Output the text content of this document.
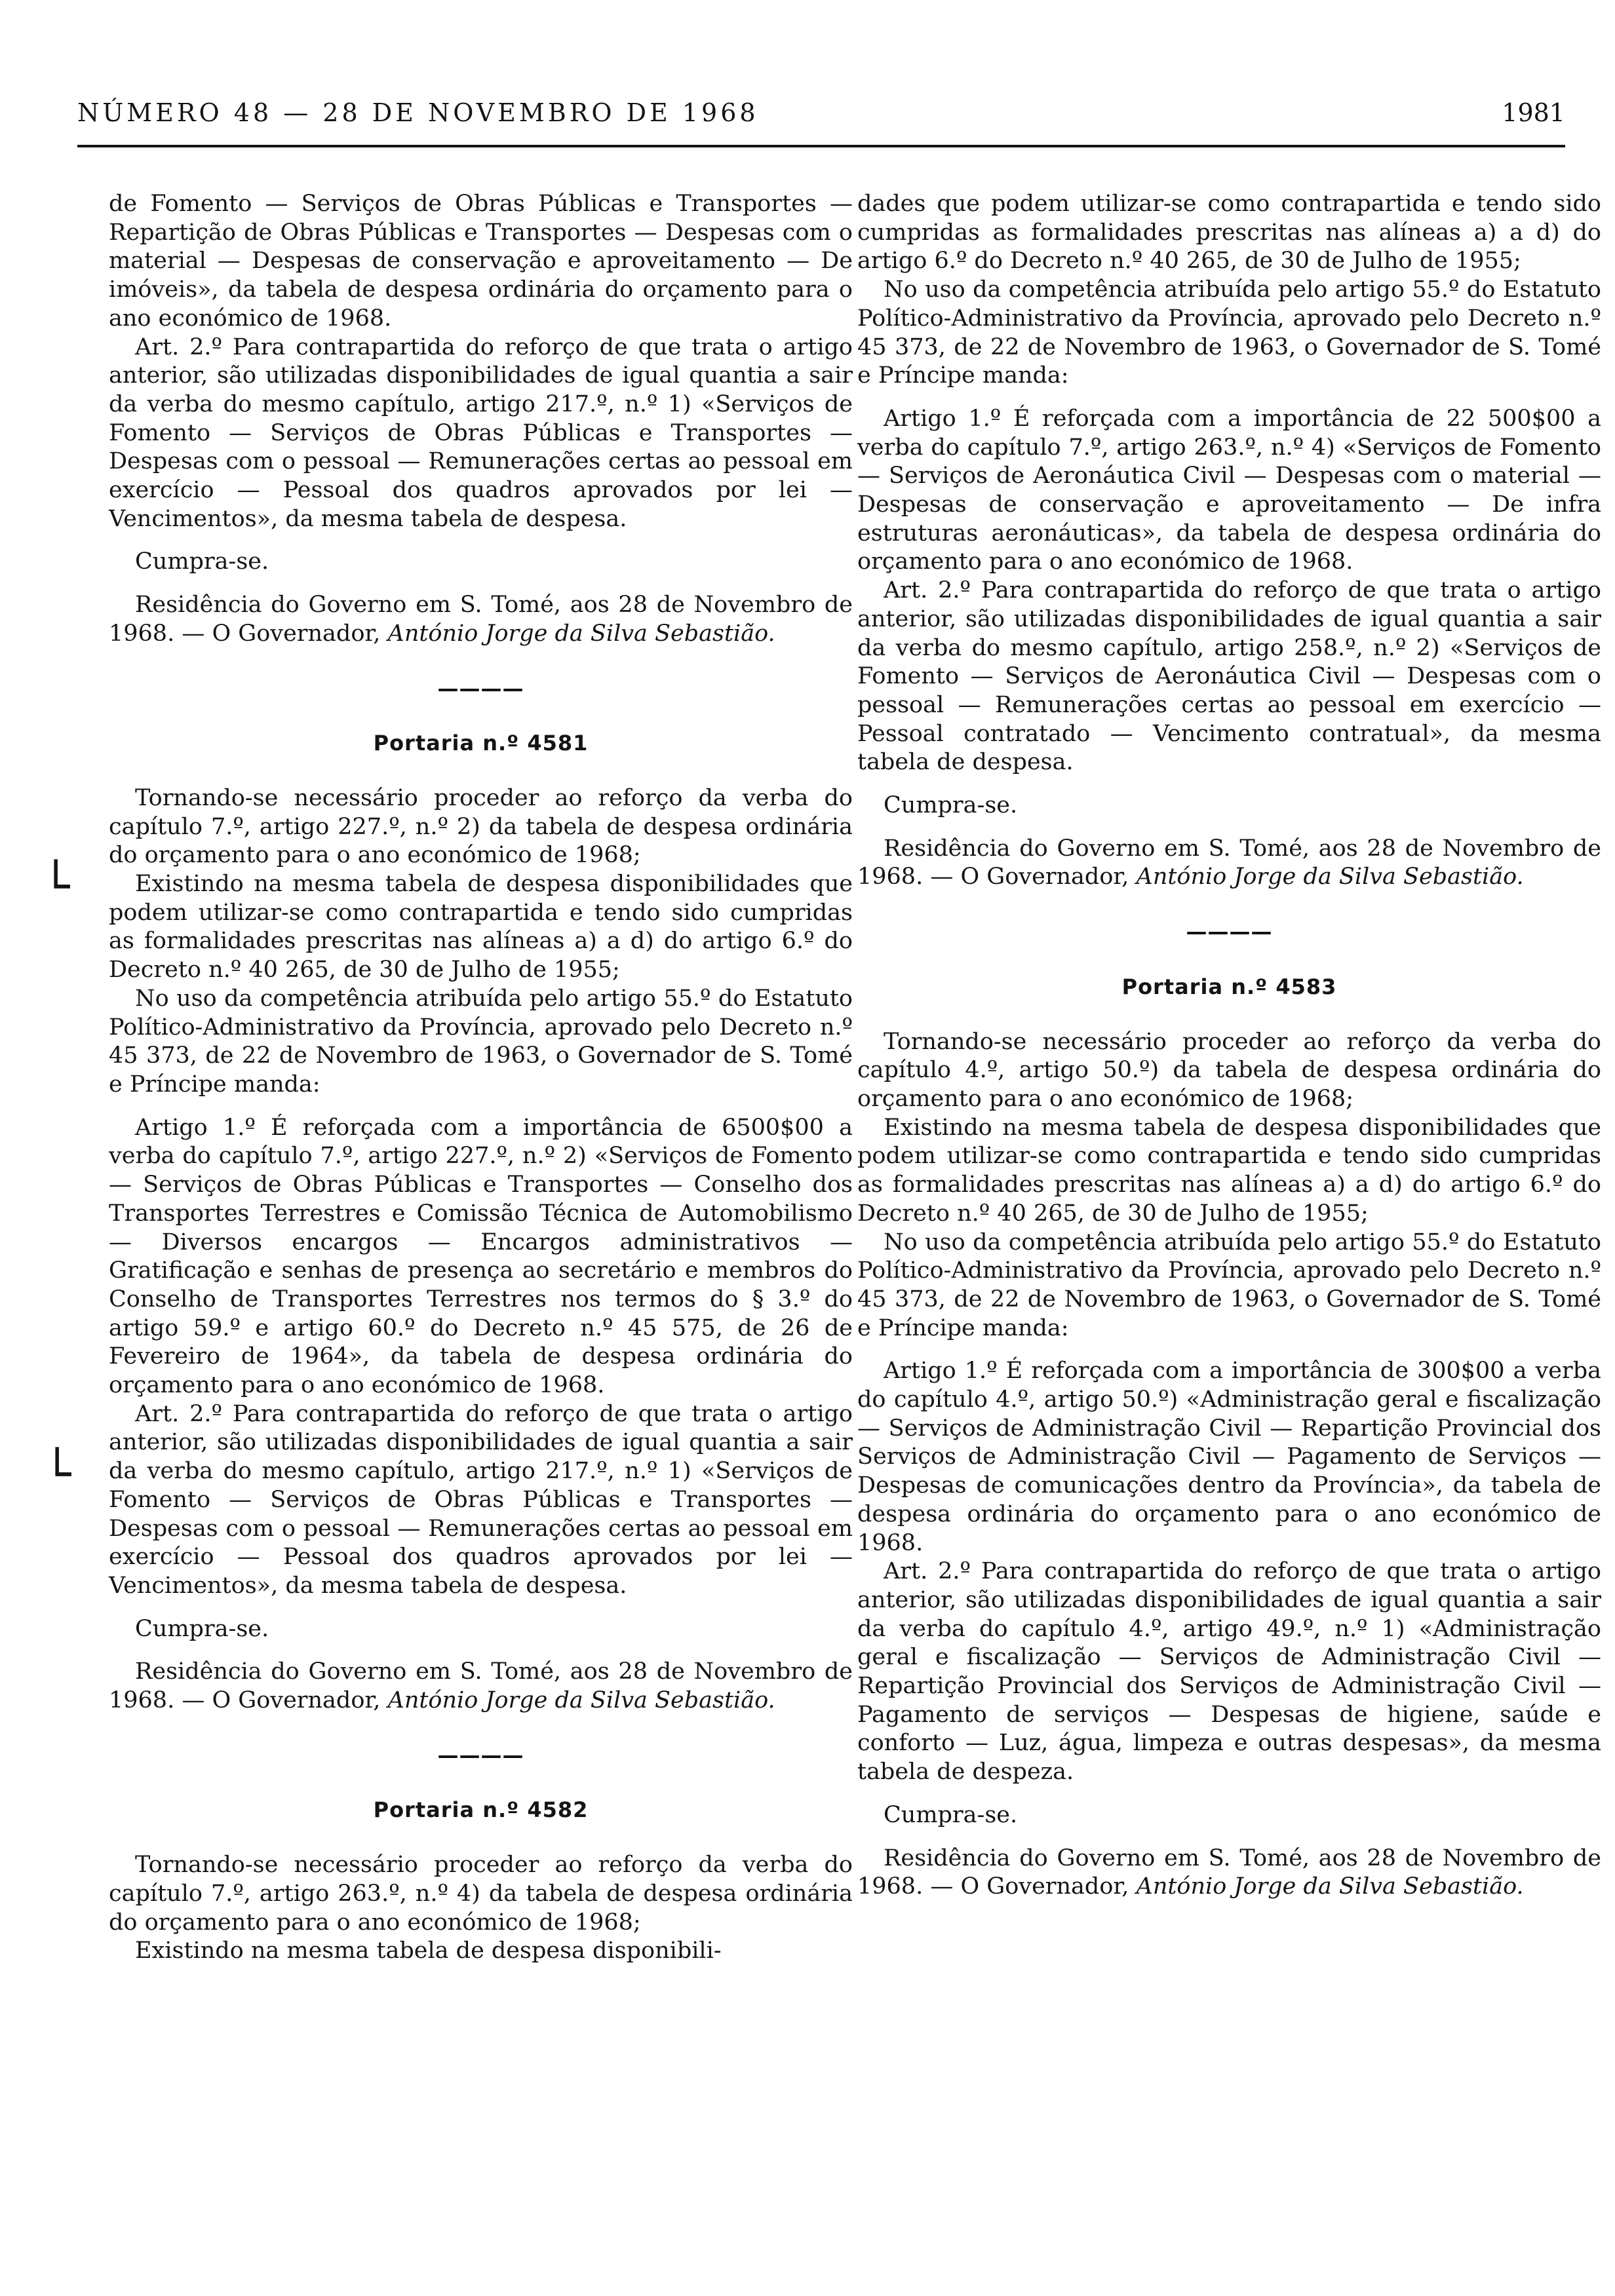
NÚMERO 48 — 28 DE NOVEMBRO DE 1968	1981
└
└

de Fomento — Serviços de Obras Públicas e Transportes — Repartição de Obras Públicas e Transportes — Despesas com o material — Despesas de conservação e aproveitamento — De imóveis», da tabela de despesa ordinária do orçamento para o ano económico de 1968.

Art. 2.º Para contrapartida do reforço de que trata o artigo anterior, são utilizadas disponibilidades de igual quantia a sair da verba do mesmo capítulo, artigo 217.º, n.º 1) «Serviços de Fomento — Serviços de Obras Públicas e Transportes — Despesas com o pessoal — Remunerações certas ao pessoal em exercício — Pessoal dos quadros aprovados por lei — Vencimentos», da mesma tabela de despesa.

Cumpra-se.

Residência do Governo em S. Tomé, aos 28 de Novembro de 1968. — O Governador, António Jorge da Silva Sebastião.

————

Portaria n.º 4581

Tornando-se necessário proceder ao reforço da verba do capítulo 7.º, artigo 227.º, n.º 2) da tabela de despesa ordinária do orçamento para o ano económico de 1968;

Existindo na mesma tabela de despesa disponibilidades que podem utilizar-se como contrapartida e tendo sido cumpridas as formalidades prescritas nas alíneas a) a d) do artigo 6.º do Decreto n.º 40 265, de 30 de Julho de 1955;

No uso da competência atribuída pelo artigo 55.º do Estatuto Político-Administrativo da Província, aprovado pelo Decreto n.º 45 373, de 22 de Novembro de 1963, o Governador de S. Tomé e Príncipe manda:

Artigo 1.º É reforçada com a importância de 6500$00 a verba do capítulo 7.º, artigo 227.º, n.º 2) «Serviços de Fomento — Serviços de Obras Públicas e Transportes — Conselho dos Transportes Terrestres e Comissão Técnica de Automobilismo — Diversos encargos — Encargos administrativos — Gratificação e senhas de presença ao secretário e membros do Conselho de Transportes Terrestres nos termos do § 3.º do artigo 59.º e artigo 60.º do Decreto n.º 45 575, de 26 de Fevereiro de 1964», da tabela de despesa ordinária do orçamento para o ano económico de 1968.

Art. 2.º Para contrapartida do reforço de que trata o artigo anterior, são utilizadas disponibilidades de igual quantia a sair da verba do mesmo capítulo, artigo 217.º, n.º 1) «Serviços de Fomento — Serviços de Obras Públicas e Transportes — Despesas com o pessoal — Remunerações certas ao pessoal em exercício — Pessoal dos quadros aprovados por lei — Vencimentos», da mesma tabela de despesa.

Cumpra-se.

Residência do Governo em S. Tomé, aos 28 de Novembro de 1968. — O Governador, António Jorge da Silva Sebastião.

————

Portaria n.º 4582

Tornando-se necessário proceder ao reforço da verba do capítulo 7.º, artigo 263.º, n.º 4) da tabela de despesa ordinária do orçamento para o ano económico de 1968;

Existindo na mesma tabela de despesa disponibili-

dades que podem utilizar-se como contrapartida e tendo sido cumpridas as formalidades prescritas nas alíneas a) a d) do artigo 6.º do Decreto n.º 40 265, de 30 de Julho de 1955;

No uso da competência atribuída pelo artigo 55.º do Estatuto Político-Administrativo da Província, aprovado pelo Decreto n.º 45 373, de 22 de Novembro de 1963, o Governador de S. Tomé e Príncipe manda:

Artigo 1.º É reforçada com a importância de 22 500$00 a verba do capítulo 7.º, artigo 263.º, n.º 4) «Serviços de Fomento — Serviços de Aeronáutica Civil — Despesas com o material — Despesas de conservação e aproveitamento — De infra estruturas aeronáuticas», da tabela de despesa ordinária do orçamento para o ano económico de 1968.

Art. 2.º Para contrapartida do reforço de que trata o artigo anterior, são utilizadas disponibilidades de igual quantia a sair da verba do mesmo capítulo, artigo 258.º, n.º 2) «Serviços de Fomento — Serviços de Aeronáutica Civil — Despesas com o pessoal — Remunerações certas ao pessoal em exercício — Pessoal contratado — Vencimento contratual», da mesma tabela de despesa.

Cumpra-se.

Residência do Governo em S. Tomé, aos 28 de Novembro de 1968. — O Governador, António Jorge da Silva Sebastião.

————

Portaria n.º 4583

Tornando-se necessário proceder ao reforço da verba do capítulo 4.º, artigo 50.º) da tabela de despesa ordinária do orçamento para o ano económico de 1968;

Existindo na mesma tabela de despesa disponibilidades que podem utilizar-se como contrapartida e tendo sido cumpridas as formalidades prescritas nas alíneas a) a d) do artigo 6.º do Decreto n.º 40 265, de 30 de Julho de 1955;

No uso da competência atribuída pelo artigo 55.º do Estatuto Político-Administrativo da Província, aprovado pelo Decreto n.º 45 373, de 22 de Novembro de 1963, o Governador de S. Tomé e Príncipe manda:

Artigo 1.º É reforçada com a importância de 300$00 a verba do capítulo 4.º, artigo 50.º) «Administração geral e fiscalização — Serviços de Administração Civil — Repartição Provincial dos Serviços de Administração Civil — Pagamento de Serviços — Despesas de comunicações dentro da Província», da tabela de despesa ordinária do orçamento para o ano económico de 1968.

Art. 2.º Para contrapartida do reforço de que trata o artigo anterior, são utilizadas disponibilidades de igual quantia a sair da verba do capítulo 4.º, artigo 49.º, n.º 1) «Administração geral e fiscalização — Serviços de Administração Civil — Repartição Provincial dos Serviços de Administração Civil — Pagamento de serviços — Despesas de higiene, saúde e conforto — Luz, água, limpeza e outras despesas», da mesma tabela de despeza.

Cumpra-se.

Residência do Governo em S. Tomé, aos 28 de Novembro de 1968. — O Governador, António Jorge da Silva Sebastião.
